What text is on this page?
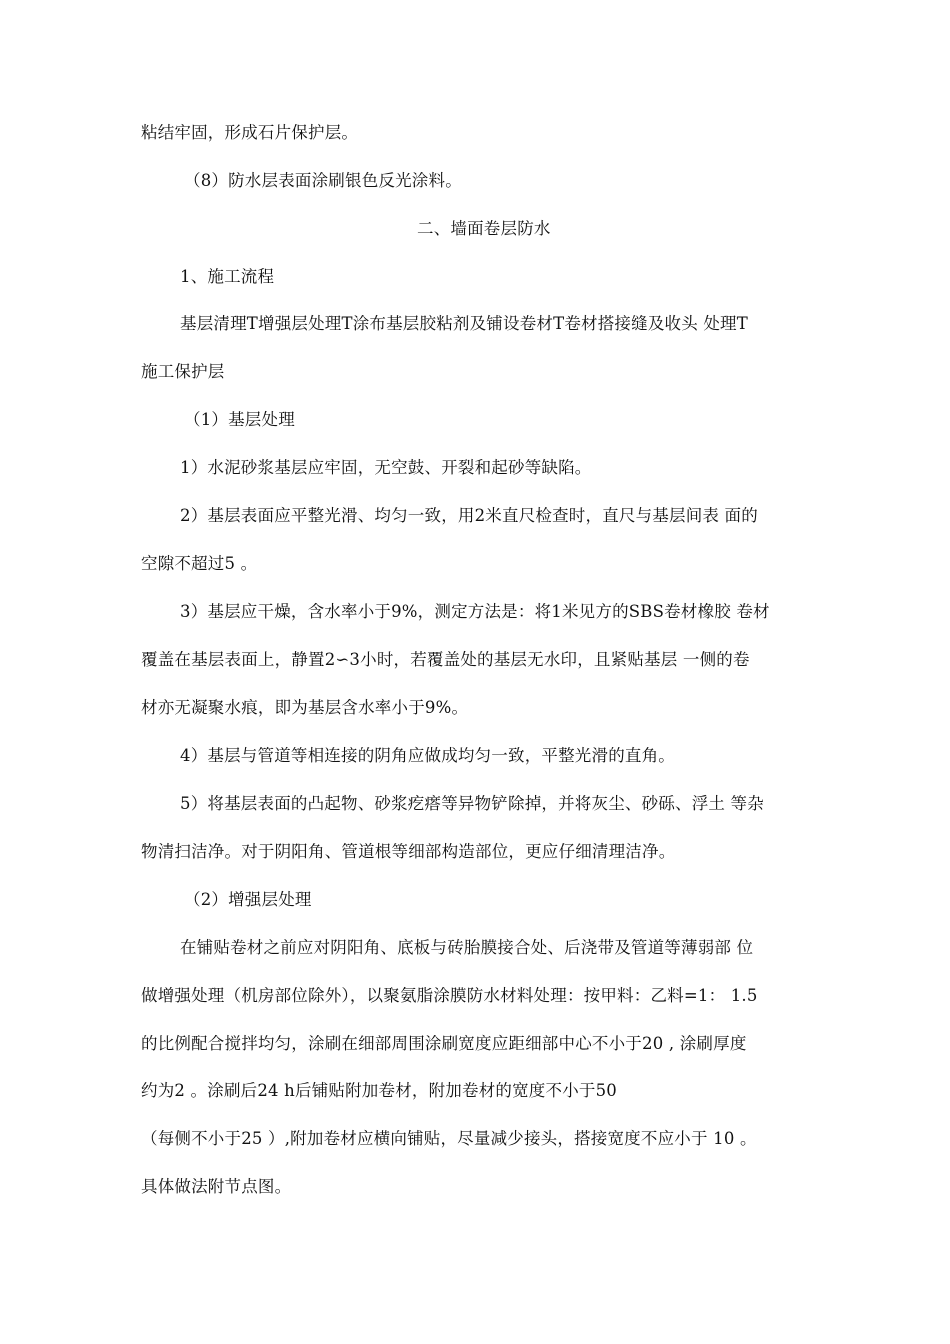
粘结牢固，形成石片保护层。
（8）防水层表面涂刷银色反光涂料。
二、墙面卷层防水
1、施工流程
基层清理T增强层处理T涂布基层胶粘剂及铺设卷材T卷材搭接缝及收头 处理T
施工保护层
（1）基层处理
1）水泥砂浆基层应牢固，无空鼓、开裂和起砂等缺陷。
2）基层表面应平整光滑、均匀一致，用2米直尺检查时，直尺与基层间表 面的
空隙不超过5 。
3）基层应干燥，含水率小于9%，测定方法是：将1米见方的SBS卷材橡胶 卷材
覆盖在基层表面上，静置2∽3小时，若覆盖处的基层无水印，且紧贴基层 一侧的卷
材亦无凝聚水痕，即为基层含水率小于9%。
4）基层与管道等相连接的阴角应做成均匀一致，平整光滑的直角。
5）将基层表面的凸起物、砂浆疙瘩等异物铲除掉，并将灰尘、砂砾、浮土 等杂
物清扫洁净。对于阴阳角、管道根等细部构造部位，更应仔细清理洁净。
（2）增强层处理
在铺贴卷材之前应对阴阳角、底板与砖胎膜接合处、后浇带及管道等薄弱部 位
做增强处理（机房部位除外），以聚氨脂涂膜防水材料处理：按甲料：乙料=1： 1.5
的比例配合搅拌均匀，涂刷在细部周围涂刷宽度应距细部中心不小于20 , 涂刷厚度
约为2 。涂刷后24 h后铺贴附加卷材，附加卷材的宽度不小于50
（每侧不小于25 ）,附加卷材应横向铺贴，尽量减少接头，搭接宽度不应小于 10 。
具体做法附节点图。
